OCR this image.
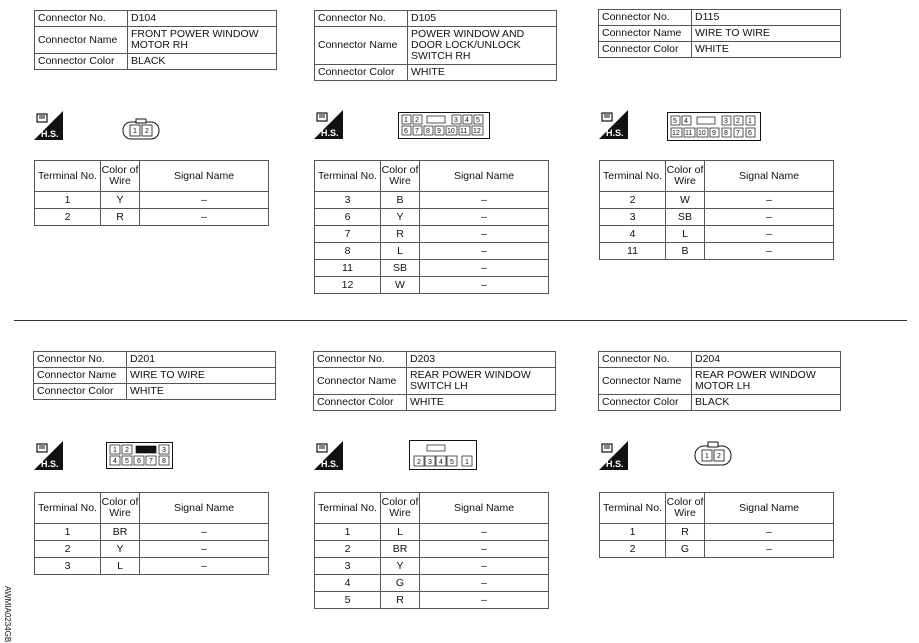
Connector No.	D104
Connector Name	FRONT POWER WINDOW MOTOR RH
Connector Color	BLACK
Connector No.	D105
Connector Name	POWER WINDOW AND DOOR LOCK/UNLOCK SWITCH RH
Connector Color	WHITE
Connector No.	D115
Connector Name	WIRE TO WIRE
Connector Color	WHITE
Connector No.	D201
Connector Name	WIRE TO WIRE
Connector Color	WHITE
Connector No.	D203
Connector Name	REAR POWER WINDOW SWITCH LH
Connector Color	WHITE
Connector No.	D204
Connector Name	REAR POWER WINDOW MOTOR LH
Connector Color	BLACK
H.S.	H.S.	H.S.
H.S.	H.S.	H.S.
1 2
1 2	3 4 5
6 7 8 9 10 11 12
5 4	3 2 1
12 11 10 9 8 7 6
1 2	3
4 5 6 7 8	2 3 4 5 1
1 2
Terminal No.	Color of Wire	Signal Name
1	Y	–
2	R	–
Terminal No.	Color of Wire	Signal Name
3	B	–
6	Y	–
7	R	–
8	L	–
11	SB	–
12	W	–
Terminal No.	Color of Wire	Signal Name
2	W	–
3	SB	–
4	L	–
11	B	–
Terminal No.	Color of Wire	Signal Name
1	BR	–
2	Y	–
3	L	–
Terminal No.	Color of Wire	Signal Name
1	L	–
2	BR	–
3	Y	–
4	G	–
5	R	–
Terminal No.	Color of Wire	Signal Name
1	R	–
2	G	–
AWMIA0234GB
